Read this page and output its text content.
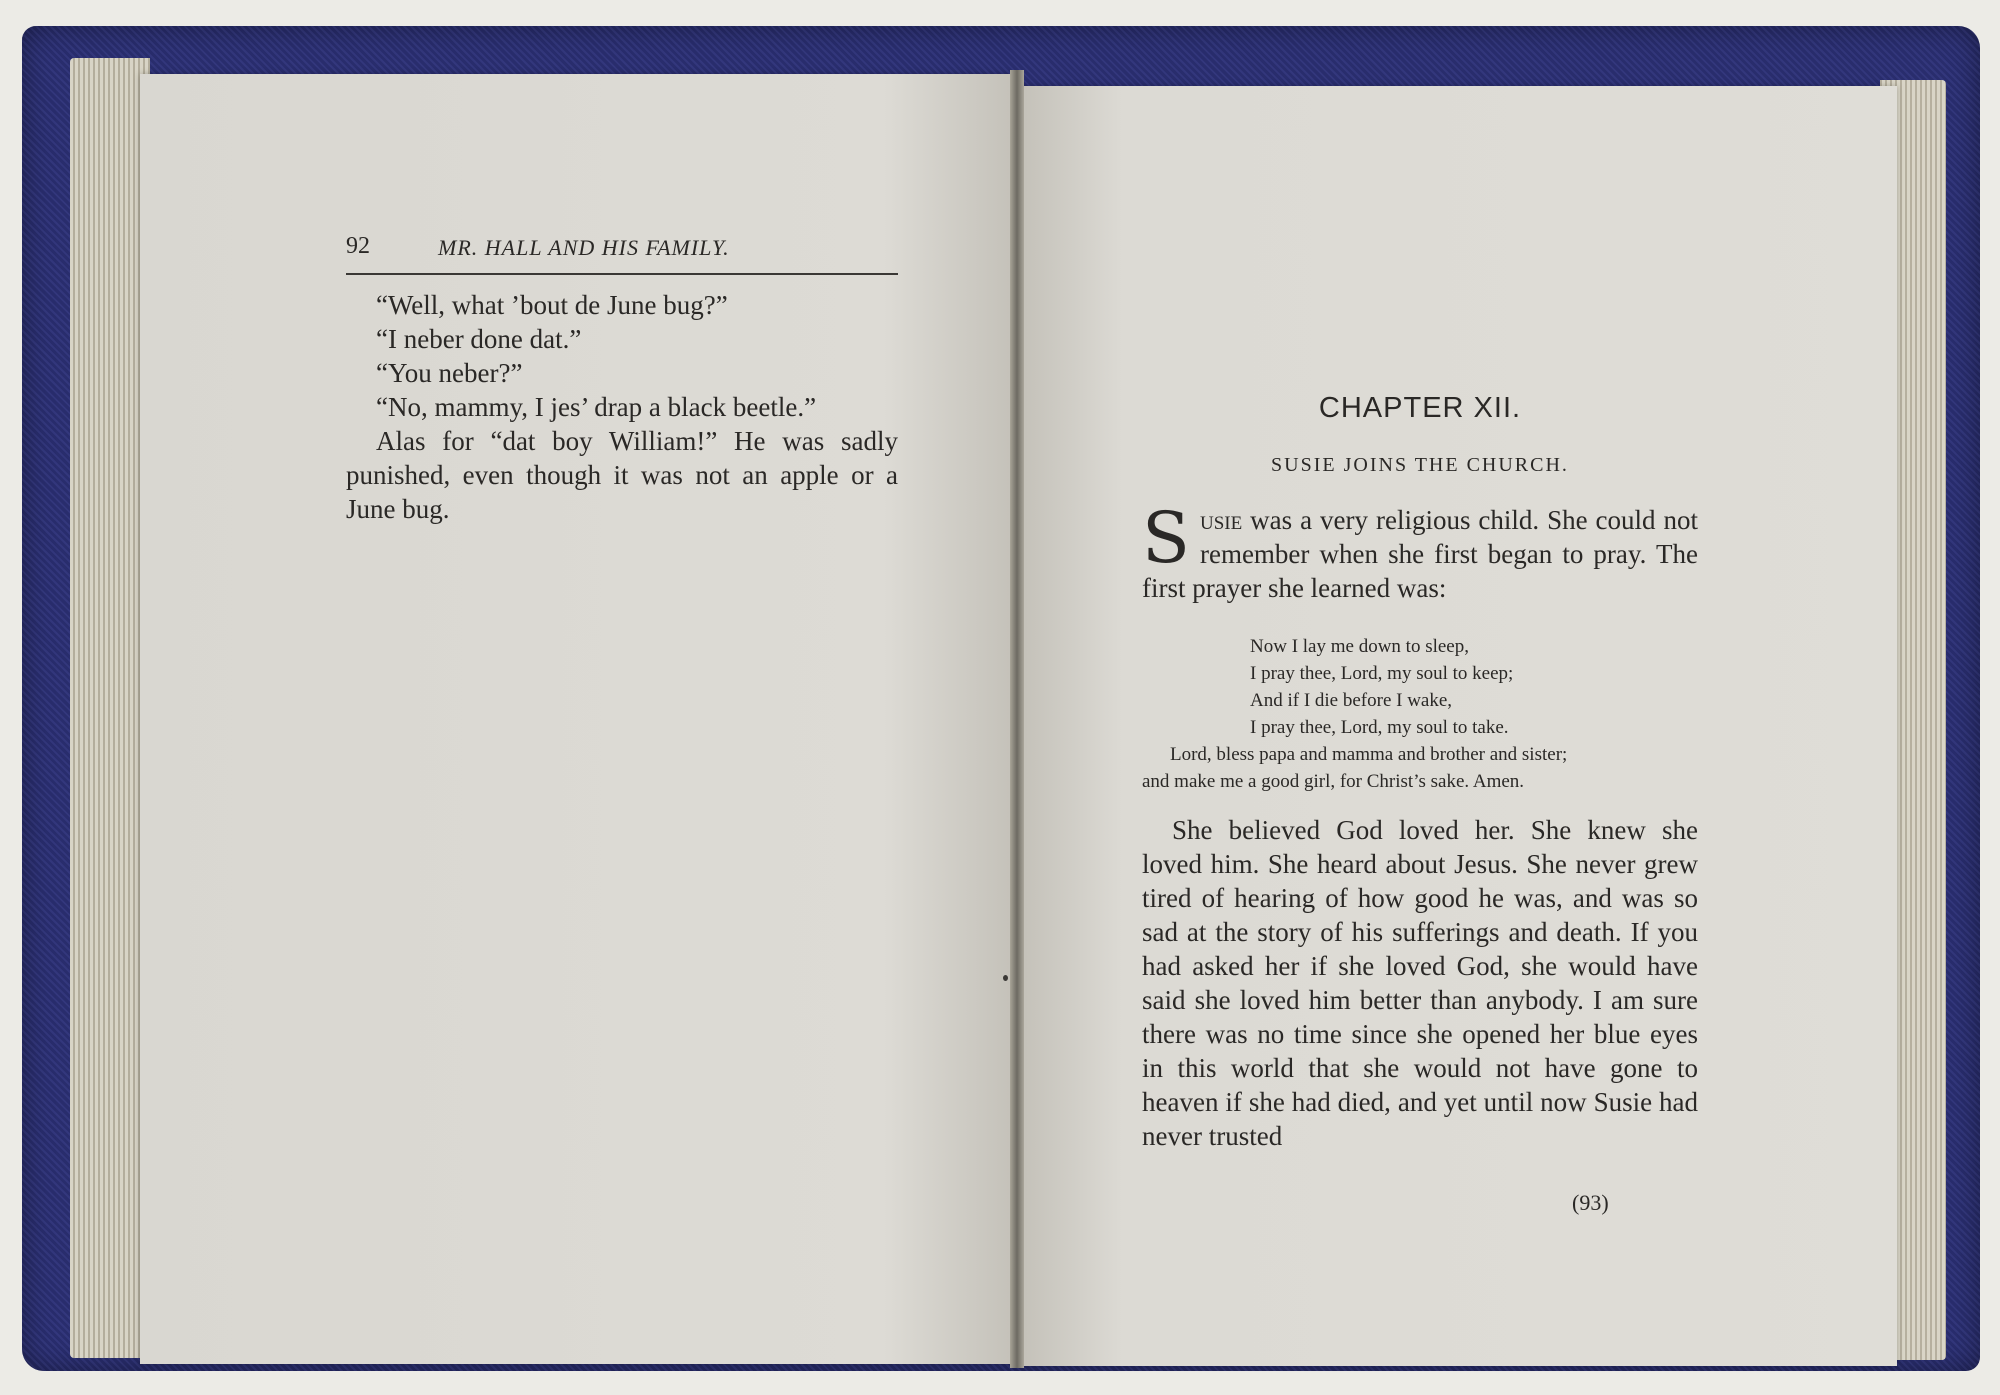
92	MR. HALL AND HIS FAMILY.

“Well, what ’bout de June bug?”

“I neber done dat.”

“You neber?”

“No, mammy, I jes’ drap a black beetle.”

Alas for “dat boy William!” He was sadly punished, even though it was not an apple or a June bug.

CHAPTER XII.
SUSIE JOINS THE CHURCH.

Susie was a very religious child. She could not remember when she first began to pray. The first prayer she learned was:

Now I lay me down to sleep,
I pray thee, Lord, my soul to keep;
And if I die before I wake,
I pray thee, Lord, my soul to take.
Lord, bless papa and mamma and brother and sister;
and make me a good girl, for Christ’s sake. Amen.

She believed God loved her. She knew she loved him. She heard about Jesus. She never grew tired of hearing of how good he was, and was so sad at the story of his sufferings and death. If you had asked her if she loved God, she would have said she loved him better than anybody. I am sure there was no time since she opened her blue eyes in this world that she would not have gone to heaven if she had died, and yet until now Susie had never trusted

(93)
